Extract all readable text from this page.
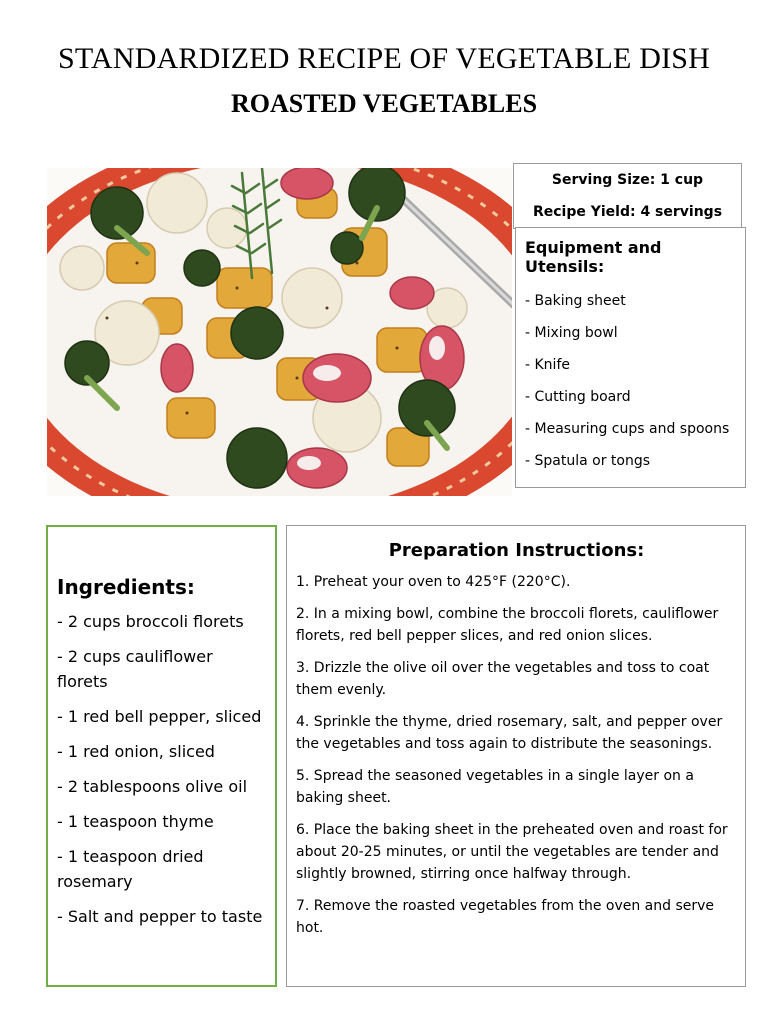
STANDARDIZED RECIPE OF VEGETABLE DISH
ROASTED VEGETABLES
Serving Size: 1 cup
Recipe Yield: 4 servings
Equipment and Utensils:
- Baking sheet
- Mixing bowl
- Knife
- Cutting board
- Measuring cups and spoons
- Spatula or tongs
Ingredients:
- 2 cups broccoli florets
- 2 cups cauliflower florets
- 1 red bell pepper, sliced
- 1 red onion, sliced
- 2 tablespoons olive oil
- 1 teaspoon thyme
- 1 teaspoon dried rosemary
- Salt and pepper to taste
Preparation Instructions:
1. Preheat your oven to 425°F (220°C).
2. In a mixing bowl, combine the broccoli florets, cauliflower florets, red bell pepper slices, and red onion slices.
3. Drizzle the olive oil over the vegetables and toss to coat them evenly.
4. Sprinkle the thyme, dried rosemary, salt, and pepper over the vegetables and toss again to distribute the seasonings.
5. Spread the seasoned vegetables in a single layer on a baking sheet.
6. Place the baking sheet in the preheated oven and roast for about 20-25 minutes, or until the vegetables are tender and slightly browned, stirring once halfway through.
7. Remove the roasted vegetables from the oven and serve hot.
